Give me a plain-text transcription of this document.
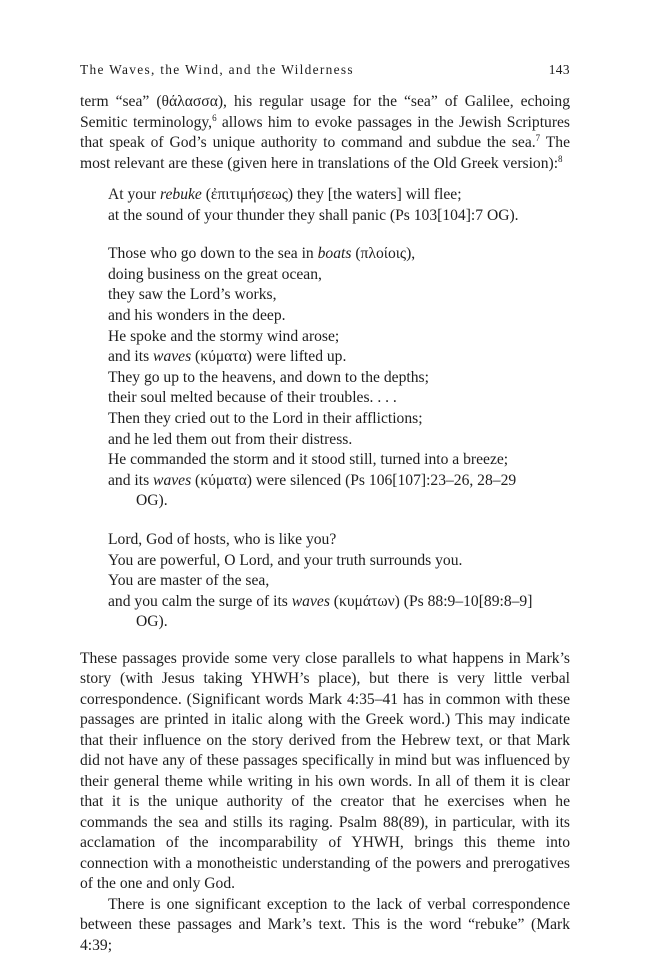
The Waves, the Wind, and the Wilderness	143

term “sea” (θάλασσα), his regular usage for the “sea” of Galilee, echoing Semitic terminology,$^6$ allows him to evoke passages in the Jewish Scriptures that speak of God’s unique authority to command and subdue the sea.$^7$ The most relevant are these (given here in translations of the Old Greek version):$^8$

At your rebuke (ἐπιτιμήσεως) they [the waters] will flee;
at the sound of your thunder they shall panic (Ps 103[104]:7 OG).
Those who go down to the sea in boats (πλοίοις),
doing business on the great ocean,
they saw the Lord’s works,
and his wonders in the deep.
He spoke and the stormy wind arose;
and its waves (κύματα) were lifted up.
They go up to the heavens, and down to the depths;
their soul melted because of their troubles. . . .
Then they cried out to the Lord in their afflictions;
and he led them out from their distress.
He commanded the storm and it stood still, turned into a breeze;
and its waves (κύματα) were silenced (Ps 106[107]:23–26, 28–29
OG).
Lord, God of hosts, who is like you?
You are powerful, O Lord, and your truth surrounds you.
You are master of the sea,
and you calm the surge of its waves (κυμάτων) (Ps 88:9–10[89:8–9]
OG).

These passages provide some very close parallels to what happens in Mark’s story (with Jesus taking YHWH’s place), but there is very little verbal correspondence. (Significant words Mark 4:35–41 has in common with these passages are printed in italic along with the Greek word.) This may indicate that their influence on the story derived from the Hebrew text, or that Mark did not have any of these passages specifically in mind but was influenced by their general theme while writing in his own words. In all of them it is clear that it is the unique authority of the creator that he exercises when he commands the sea and stills its raging. Psalm 88(89), in particular, with its acclamation of the incomparability of YHWH, brings this theme into connection with a monotheistic understanding of the powers and prerogatives of the one and only God.

There is one significant exception to the lack of verbal correspondence between these passages and Mark’s text. This is the word “rebuke” (Mark 4:39;
